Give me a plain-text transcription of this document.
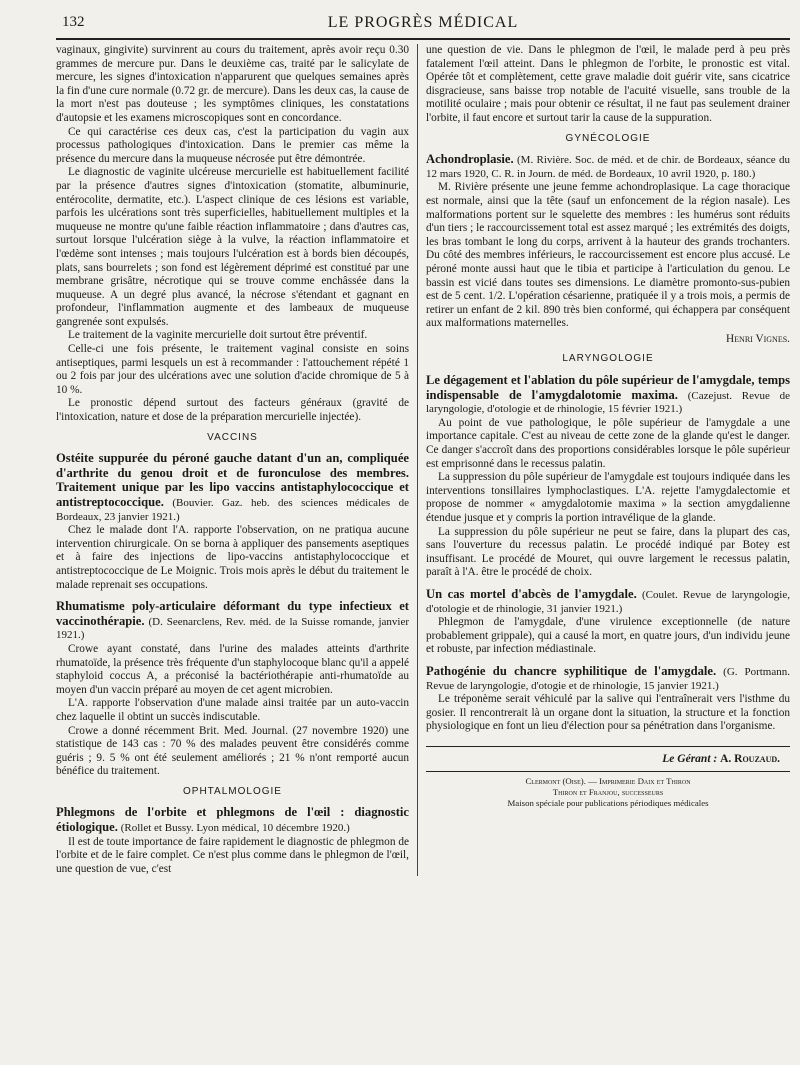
132	LE PROGRÈS MÉDICAL

vaginaux, gingivite) survinrent au cours du traitement, après avoir reçu 0.30 grammes de mercure pur. Dans le deuxième cas, traité par le salicylate de mercure, les signes d'intoxication n'apparurent que quelques semaines après la fin d'une cure normale (0.72 gr. de mercure). Dans les deux cas, la cause de la mort n'est pas douteuse ; les symptômes cliniques, les constatations d'autopsie et les examens microscopiques sont en concordance.

Ce qui caractérise ces deux cas, c'est la participation du vagin aux processus pathologiques d'intoxication. Dans le premier cas même la présence du mercure dans la muqueuse nécrosée put être démontrée.

Le diagnostic de vaginite ulcéreuse mercurielle est habituellement facilité par la présence d'autres signes d'intoxication (stomatite, albuminurie, entérocolite, dermatite, etc.). L'aspect clinique de ces lésions est variable, parfois les ulcérations sont très superficielles, habituellement multiples et la muqueuse ne montre qu'une faible réaction inflammatoire ; dans d'autres cas, surtout lorsque l'ulcération siège à la vulve, la réaction inflammatoire et l'œdème sont intenses ; mais toujours l'ulcération est à bords bien découpés, plats, sans bourrelets ; son fond est légèrement déprimé est constitué par une membrane grisâtre, nécrotique qui se trouve comme enchâssée dans la muqueuse. A un degré plus avancé, la nécrose s'étendant et gagnant en profondeur, l'inflammation augmente et des lambeaux de muqueuse gangrenée sont expulsés.

Le traitement de la vaginite mercurielle doit surtout être préventif.

Celle-ci une fois présente, le traitement vaginal consiste en soins antiseptiques, parmi lesquels un est à recommander : l'attouchement répété 1 ou 2 fois par jour des ulcérations avec une solution d'acide chromique de 5 à 10 %.

Le pronostic dépend surtout des facteurs généraux (gravité de l'intoxication, nature et dose de la préparation mercurielle injectée).

VACCINS

Ostéite suppurée du péroné gauche datant d'un an, compliquée d'arthrite du genou droit et de furonculose des membres. Traitement unique par les lipo vaccins antistaphylococcique et antistreptococcique. (Bouvier. Gaz. heb. des sciences médicales de Bordeaux, 23 janvier 1921.)

Chez le malade dont l'A. rapporte l'observation, on ne pratiqua aucune intervention chirurgicale. On se borna à appliquer des pansements aseptiques et à faire des injections de lipo-vaccins antistaphylococcique et antistreptococcique de Le Moignic. Trois mois après le début du traitement le malade reprenait ses occupations.

Rhumatisme poly-articulaire déformant du type infectieux et vaccinothérapie. (D. Seenarclens, Rev. méd. de la Suisse romande, janvier 1921.)

Crowe ayant constaté, dans l'urine des malades atteints d'arthrite rhumatoïde, la présence très fréquente d'un staphylocoque blanc qu'il a appelé staphyloid coccus A, a préconisé la bactériothérapie anti-rhumatoïde au moyen d'un vaccin préparé au moyen de cet agent microbien.

L'A. rapporte l'observation d'une malade ainsi traitée par un auto-vaccin chez laquelle il obtint un succès indiscutable.

Crowe a donné récemment Brit. Med. Journal. (27 novembre 1920) une statistique de 143 cas : 70 % des malades peuvent être considérés comme guéris ; 9. 5 % ont été seulement améliorés ; 21 % n'ont remporté aucun bénéfice du traitement.

OPHTALMOLOGIE

Phlegmons de l'orbite et phlegmons de l'œil : diagnostic étiologique. (Rollet et Bussy. Lyon médical, 10 décembre 1920.)

Il est de toute importance de faire rapidement le diagnostic de phlegmon de l'orbite et de le faire complet. Ce n'est plus comme dans le phlegmon de l'œil, une question de vue, c'est

une question de vie. Dans le phlegmon de l'œil, le malade perd à peu près fatalement l'œil atteint. Dans le phlegmon de l'orbite, le pronostic est vital. Opérée tôt et complètement, cette grave maladie doit guérir vite, sans cicatrice disgracieuse, sans baisse trop notable de l'acuité visuelle, sans trouble de la motilité oculaire ; mais pour obtenir ce résultat, il ne faut pas seulement drainer l'orbite, il faut encore et surtout tarir la cause de la suppuration.

GYNÉCOLOGIE

Achondroplasie. (M. Rivière. Soc. de méd. et de chir. de Bordeaux, séance du 12 mars 1920, C. R. in Journ. de méd. de Bordeaux, 10 avril 1920, p. 180.)

M. Rivière présente une jeune femme achondroplasique. La cage thoracique est normale, ainsi que la tête (sauf un enfoncement de la région nasale). Les malformations portent sur le squelette des membres : les humérus sont réduits d'un tiers ; le raccourcissement total est assez marqué ; les extrémités des doigts, les bras tombant le long du corps, arrivent à la hauteur des grands trochanters. Du côté des membres inférieurs, le raccourcissement est encore plus accusé. Le péroné monte aussi haut que le tibia et participe à l'articulation du genou. Le bassin est vicié dans toutes ses dimensions. Le diamètre promonto-sus-pubien est de 5 cent. 1/2. L'opération césarienne, pratiquée il y a trois mois, a permis de retirer un enfant de 2 kil. 890 très bien conformé, qui échappera par conséquent aux malformations maternelles.

Henri Vignes.
LARYNGOLOGIE

Le dégagement et l'ablation du pôle supérieur de l'amygdale, temps indispensable de l'amygdalotomie maxima. (Cazejust. Revue de laryngologie, d'otologie et de rhinologie, 15 février 1921.)

Au point de vue pathologique, le pôle supérieur de l'amygdale a une importance capitale. C'est au niveau de cette zone de la glande qu'est le danger. Ce danger s'accroît dans des proportions considérables lorsque le pôle supérieur est emprisonné dans le recessus palatin.

La suppression du pôle supérieur de l'amygdale est toujours indiquée dans les interventions tonsillaires lymphoclastiques. L'A. rejette l'amygdalectomie et propose de nommer « amygdalotomie maxima » la section amygdalienne étendue jusque et y compris la portion intravélique de la glande.

La suppression du pôle supérieur ne peut se faire, dans la plupart des cas, sans l'ouverture du recessus palatin. Le procédé indiqué par Botey est insuffisant. Le procédé de Mouret, qui ouvre largement le recessus palatin, paraît à l'A. être le procédé de choix.

Un cas mortel d'abcès de l'amygdale. (Coulet. Revue de laryngologie, d'otologie et de rhinologie, 31 janvier 1921.)

Phlegmon de l'amygdale, d'une virulence exceptionnelle (de nature probablement grippale), qui a causé la mort, en quatre jours, d'un individu jeune et robuste, par infection médiastinale.

Pathogénie du chancre syphilitique de l'amygdale. (G. Portmann. Revue de laryngologie, d'otogie et de rhinologie, 15 janvier 1921.)

Le tréponème serait véhiculé par la salive qui l'entraînerait vers l'isthme du gosier. Il rencontrerait là un organe dont la situation, la structure et la fonction physiologique en font un lieu d'élection pour sa pénétration dans l'organisme.

Le Gérant : A. Rouzaud.
Clermont (Oise). — Imprimerie Daix et Thiron
Thiron et Franjou, successeurs
Maison spéciale pour publications périodiques médicales
